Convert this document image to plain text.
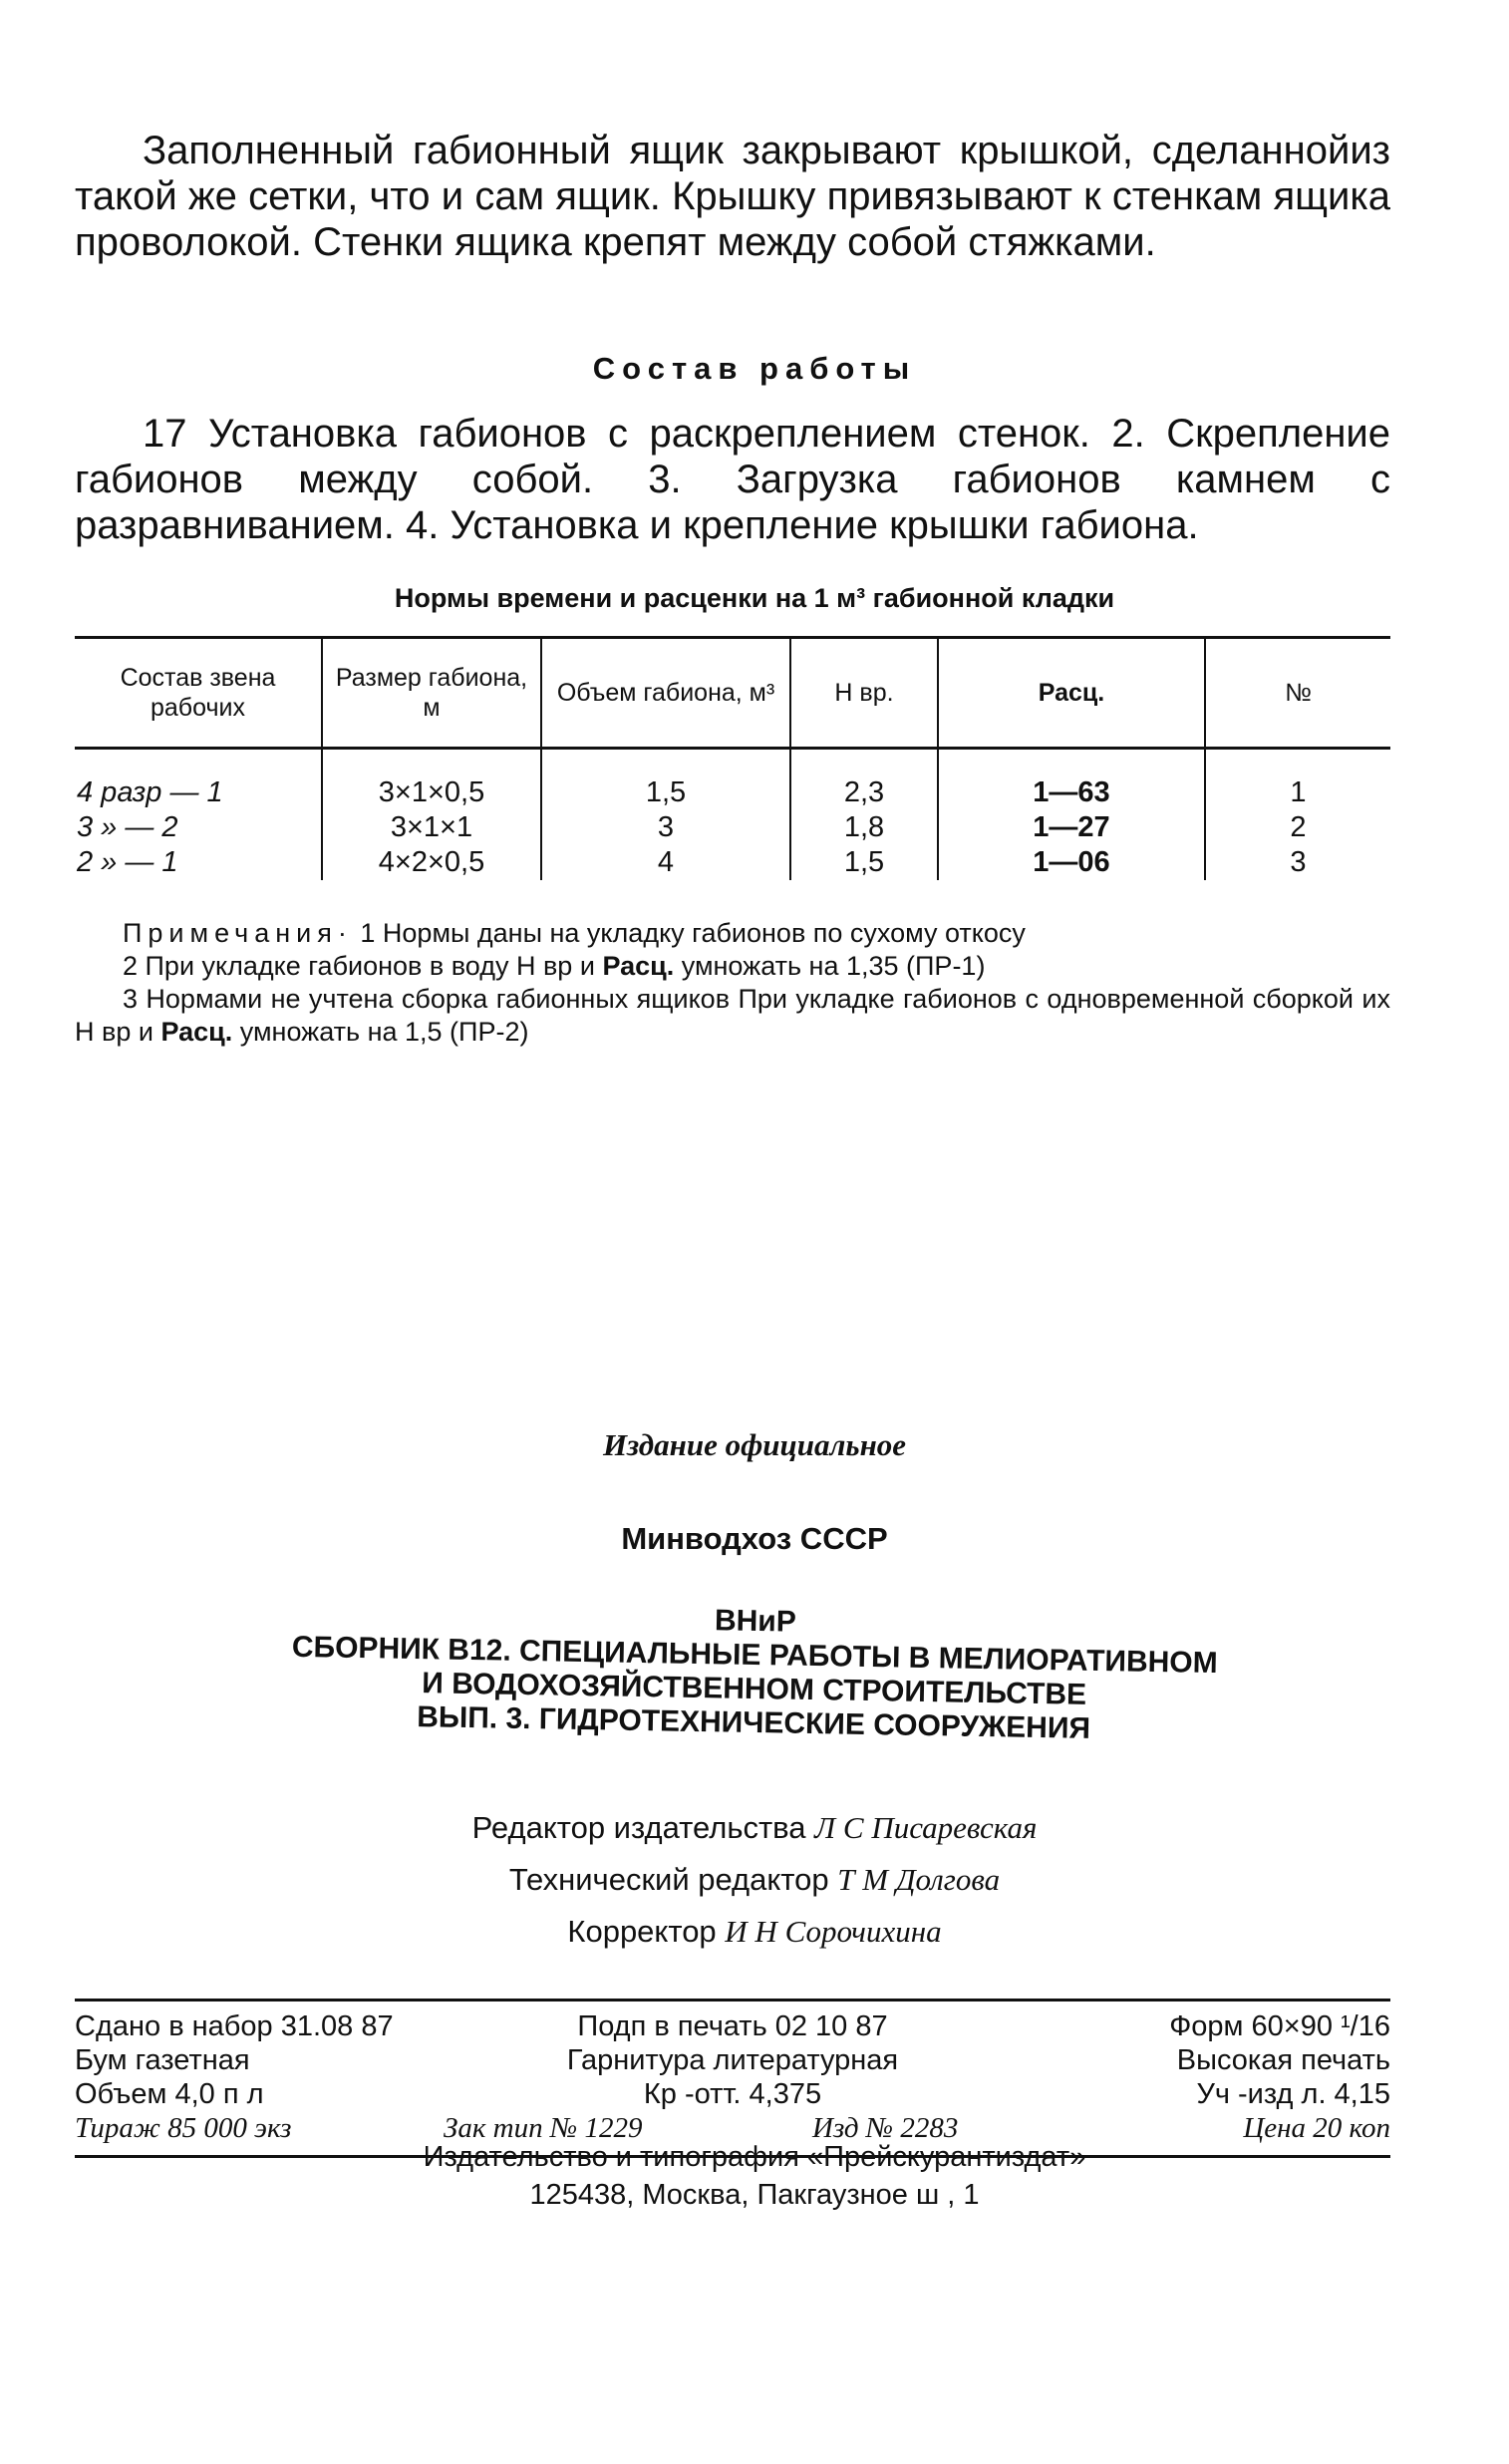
Заполненный габионный ящик закрывают крышкой, сделаннойиз такой же сетки, что и сам ящик. Крышку привязывают к стенкам ящика проволокой. Стенки ящика крепят между собой стяжками.

Состав работы

17 Установка габионов с раскреплением стенок. 2. Скрепление габионов между собой. 3. Загрузка габионов камнем с разравниванием. 4. Установка и крепление крышки габиона.

Нормы времени и расценки на 1 м³ габионной кладки
Состав звена рабочих	Размер габиона, м	Объем габиона, м³	Н вр.	Расц.	№
4 разр — 1	3×1×0,5	1,5	2,3	1—63	1
3 » — 2	3×1×1	3	1,8	1—27	2
2 » — 1	4×2×0,5	4	1,5	1—06	3

Примечания· 1 Нормы даны на укладку габионов по сухому откосу

2 При укладке габионов в воду Н вр и Расц. умножать на 1,35 (ПР-1)

3 Нормами не учтена сборка габионных ящиков При укладке габионов с одновременной сборкой их Н вр и Расц. умножать на 1,5 (ПР-2)

Издание официальное
Минводхоз СССР
ВНиР
СБОРНИК В12. СПЕЦИАЛЬНЫЕ РАБОТЫ В МЕЛИОРАТИВНОМ
И ВОДОХОЗЯЙСТВЕННОМ СТРОИТЕЛЬСТВЕ
ВЫП. 3. ГИДРОТЕХНИЧЕСКИЕ СООРУЖЕНИЯ
Редактор издательства Л С Писаревская
Технический редактор Т М Долгова
Корректор И Н Сорочихина
Сдано в набор 31.08 87	Подп в печать 02 10 87	Форм 60×90 ¹/16
Бум газетная	Гарнитура литературная	Высокая печать
Объем 4,0 п л	Кр -отт. 4,375	Уч -изд л. 4,15
Тираж 85 000 экз	Зак тип № 1229	Изд № 2283	Цена 20 коп
Издательство и типография «Прейскурантиздат»
125438, Москва, Пакгаузное ш , 1
